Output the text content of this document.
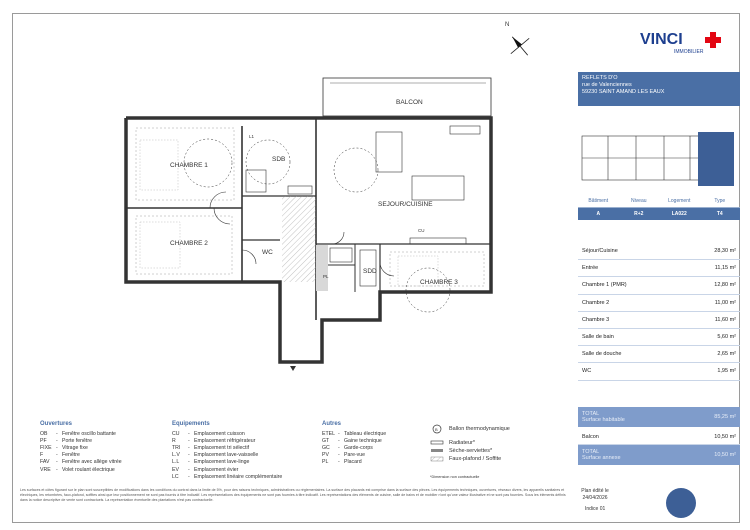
N
BALCON
CHAMBRE 1
SDB
SEJOUR/CUISINE
CHAMBRE 2
WC
SDD
CHAMBRE 3
L1
PL
CU
VINCI
IMMOBILIER
REFLETS D'O
rue de Valenciennes
59230 SAINT AMAND LES EAUX
Bâtiment	Niveau	Logement	Type
A	R+2	LA022	T4
Séjour/Cuisine	28,30 m²
Entrée	11,15 m²
Chambre 1 (PMR)	12,80 m²
Chambre 2	11,00 m²
Chambre 3	11,60 m²
Salle de bain	5,60 m²
Salle de douche	2,65 m²
WC	1,95 m²
TOTAL
Surface habitable	85,25 m²
Balcon	10,50 m²
TOTAL
Surface annexe	10,50 m²
Ouvertures
OB	- Fenêtre oscillo battante
PF	- Porte fenêtre
FIXE - Vitrage fixe
F	- Fenêtre
FAV	- Fenêtre avec allège vitrée
VRE	- Volet roulant électrique
Equipements
CU	- Emplacement cuisson
R	- Emplacement réfrigérateur
TRI	- Emplacement tri sélectif
L.V	- Emplacement lave-vaisselle
L.L	- Emplacement lave-linge
EV	- Emplacement évier
LC	- Emplacement linéaire complémentaire
Autres
ETEL - Tableau électrique
GT	- Gaine technique
GC	- Garde-corps
PV	- Pare-vue
PL	- Placard
B Ballon thermodynamique
Radiateur*
Sèche-serviettes*
Faux-plafond / Soffite
*Dimension non contractuelle
Les surfaces et côtes figurant sur le plan sont susceptibles de modifications dans les conditions du contrat dans la limite de 5%, pour des raisons techniques, administratives ou réglementaires. La surface des placards est comprise dans la surface des pièces. Les équipements techniques, ouvertures, réseaux divers, les appareils sanitaires et électriques, les retombées, faux-plafond, soffites ainsi que leur positionnement ne sont pas fournis à titre indicatif. Les représentations des équipements ne sont pas fournies à titre indicatif. Les représentations des éléments de cuisine, salle de bains et de mobilier n'ont qu'une valeur illustrative et ne sont pas fournies. Sous les éléments définis dans la notice descriptive de vente sont contractuels. La représentation éventuelle des plantations n'est pas contractuelle.
Plan édité le 24/04/2026
Indice 01
